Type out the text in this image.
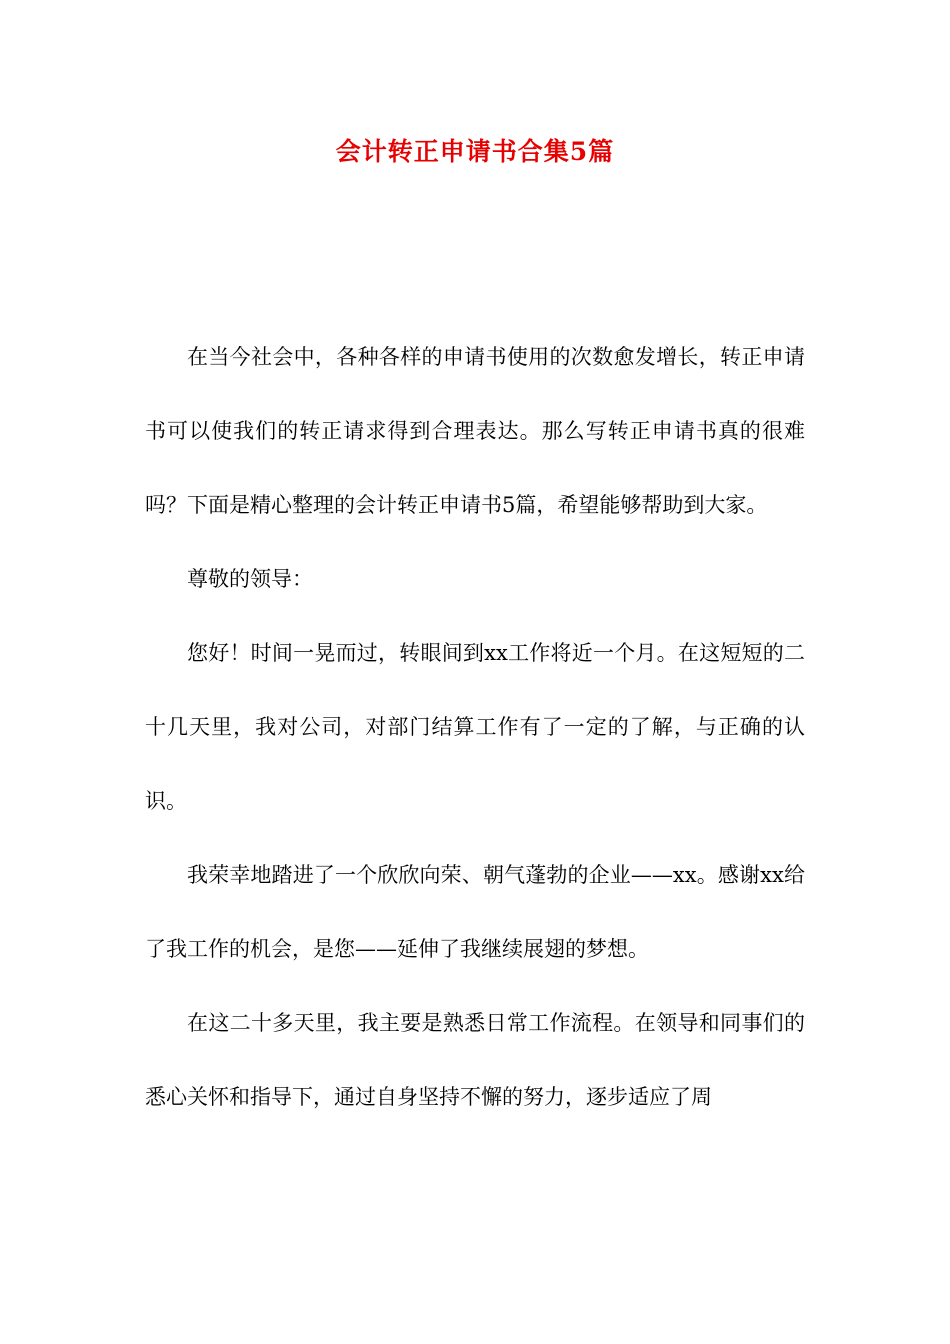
会计转正申请书合集5篇

在当今社会中，各种各样的申请书使用的次数愈发增长，转正申请书可以使我们的转正请求得到合理表达。那么写转正申请书真的很难吗？下面是精心整理的会计转正申请书5篇，希望能够帮助到大家。

尊敬的领导：

您好！时间一晃而过，转眼间到xx工作将近一个月。在这短短的二十几天里，我对公司，对部门结算工作有了一定的了解，与正确的认识。

我荣幸地踏进了一个欣欣向荣、朝气蓬勃的企业——xx。感谢xx给了我工作的机会，是您——延伸了我继续展翅的梦想。

在这二十多天里，我主要是熟悉日常工作流程。在领导和同事们的悉心关怀和指导下，通过自身坚持不懈的努力，逐步适应了周
